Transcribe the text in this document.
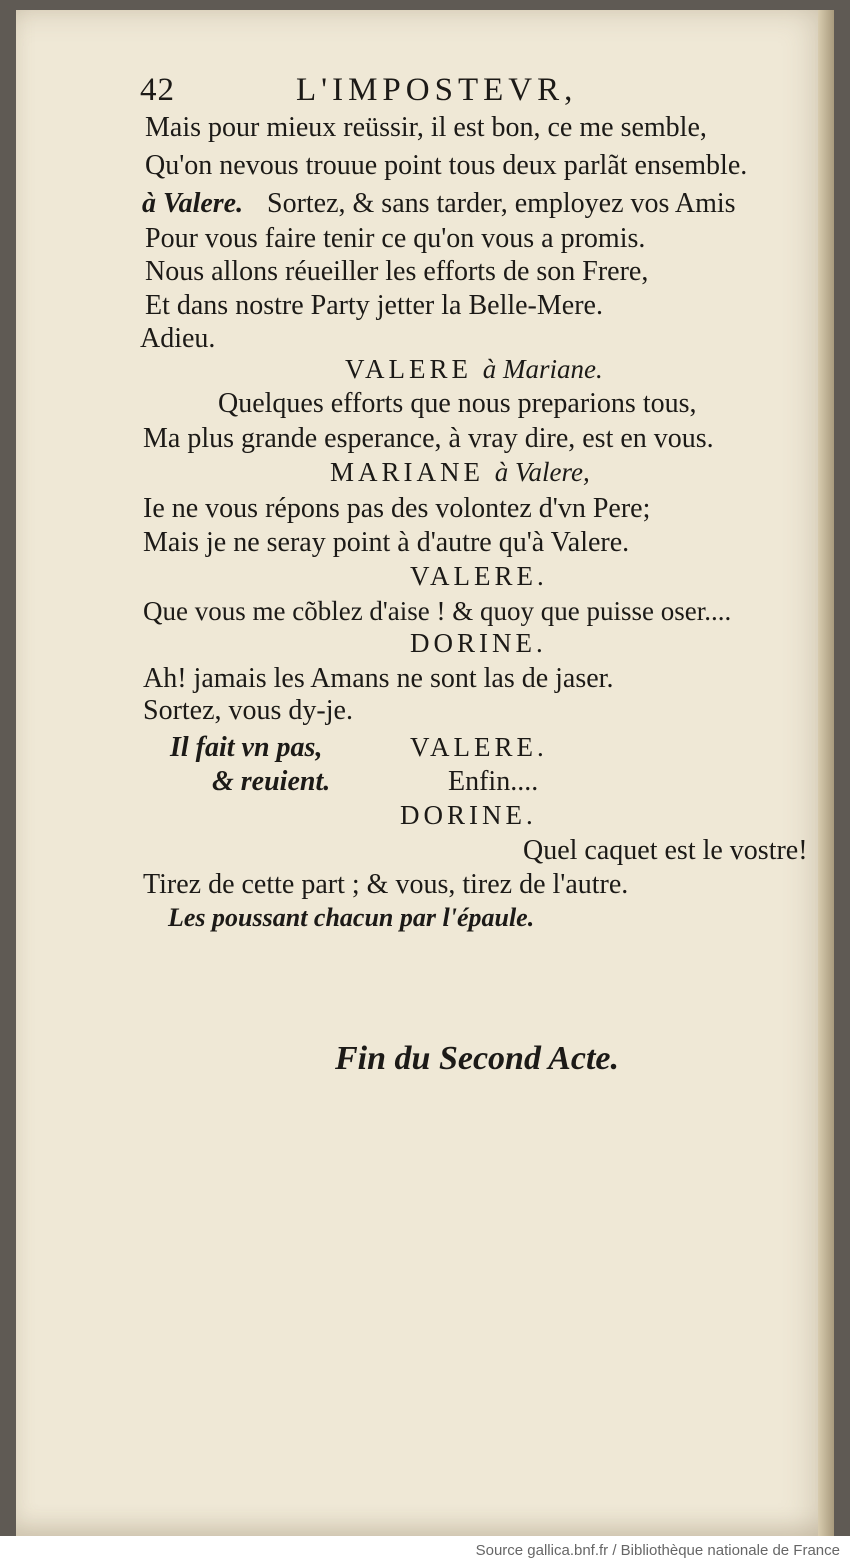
42	L'IMPOSTEVR,
Mais pour mieux reüssir, il est bon, ce me semble,
Qu'on nevous trouue point tous deux parlãt ensemble.
à Valere. Sortez, & sans tarder, employez vos Amis
Pour vous faire tenir ce qu'on vous a promis.
Nous allons réueiller les efforts de son Frere,
Et dans nostre Party jetter la Belle-Mere.
Adieu.
VALERE à Mariane.
Quelques efforts que nous preparions tous,
Ma plus grande esperance, à vray dire, est en vous.
MARIANE à Valere,
Ie ne vous répons pas des volontez d'vn Pere;
Mais je ne seray point à d'autre qu'à Valere.
VALERE.
Que vous me cõblez d'aise ! & quoy que puisse oser....
DORINE.
Ah! jamais les Amans ne sont las de jaser.
Sortez, vous dy-je.
Il fait vn pas,	VALERE.
& reuient.	Enfin....
DORINE.
Quel caquet est le vostre!
Tirez de cette part ; & vous, tirez de l'autre.
Les poussant chacun par l'épaule.
Fin du Second Acte.
Source gallica.bnf.fr / Bibliothèque nationale de France
